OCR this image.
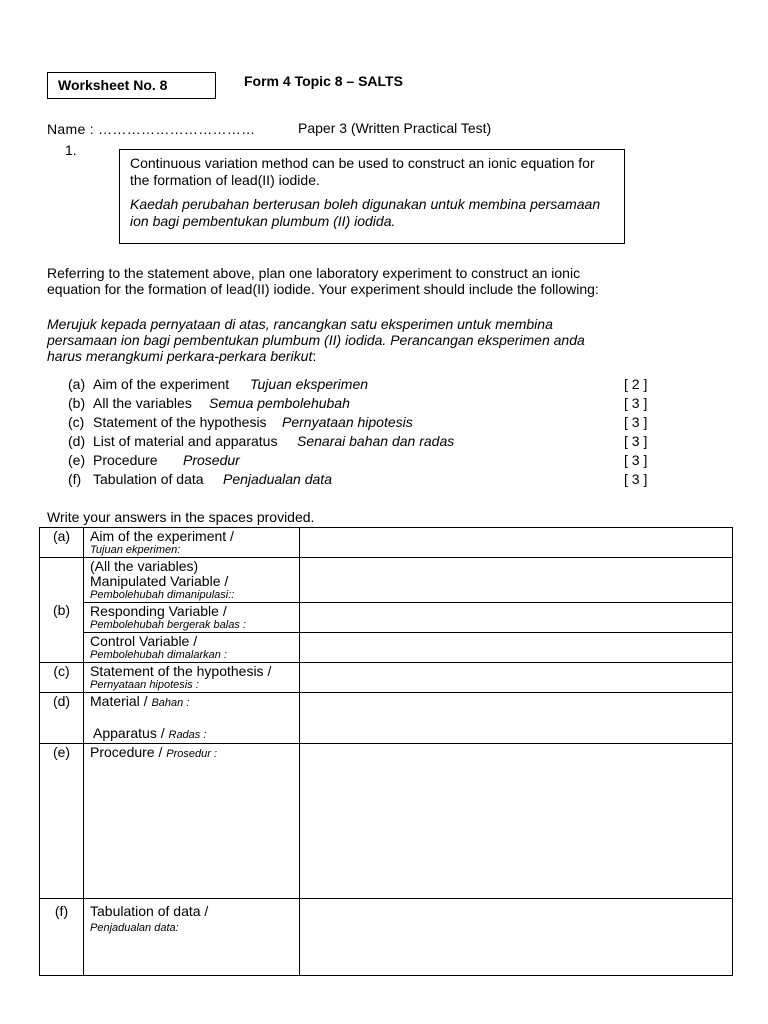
Worksheet No. 8	Form 4 Topic 8 – SALTS
Name : ……………………………	Paper 3 (Written Practical Test)
1.

Continuous variation method can be used to construct an ionic equation for the formation of lead(II) iodide.

Kaedah perubahan berterusan boleh digunakan untuk membina persamaan ion bagi pembentukan plumbum (II) iodida.

Referring to the statement above, plan one laboratory experiment to construct an ionic equation for the formation of lead(II) iodide. Your experiment should include the following:
Merujuk kepada pernyataan di atas, rancangkan satu eksperimen untuk membina persamaan ion bagi pembentukan plumbum (II) iodida. Perancangan eksperimen anda harus merangkumi perkara-perkara berikut:
(a) Aim of the experiment Tujuan eksperimen	[ 2 ]
(b) All the variables Semua pembolehubah	[ 3 ]
(c) Statement of the hypothesis Pernyataan hipotesis	[ 3 ]
(d) List of material and apparatus Senarai bahan dan radas	[ 3 ]
(e) Procedure Prosedur	[ 3 ]
(f) Tabulation of data Penjadualan data	[ 3 ]
Write your answers in the spaces provided.
(a)	Aim of the experiment /
Tujuan ekperimen:	

(b)	(All the variables)
Manipulated Variable /
Pembolehubah dimanipulasi::	

	Responding Variable /
Pembolehubah bergerak balas :	

	Control Variable /
Pembolehubah dimalarkan :	

(c)	Statement of the hypothesis /
Pernyataan hipotesis :	

(d)	Material / Bahan :
Apparatus / Radas :	

(e)	Procedure / Prosedur :	

(f)	Tabulation of data /
Penjadualan data:	
